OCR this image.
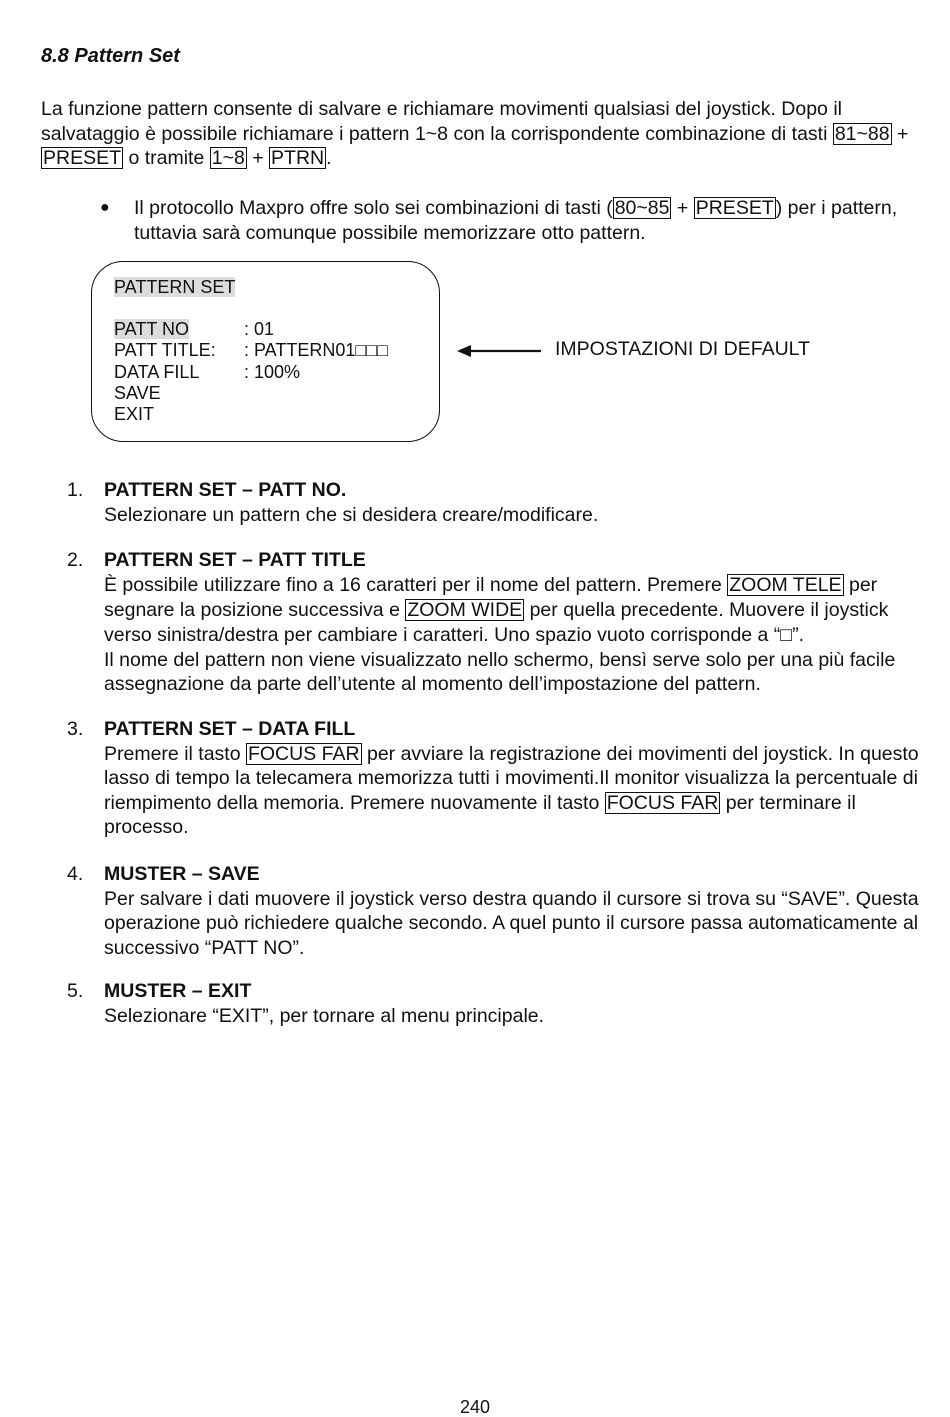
8.8 Pattern Set

La funzione pattern consente di salvare e richiamare movimenti qualsiasi del joystick. Dopo il salvataggio è possibile richiamare i pattern 1~8 con la corrispondente combinazione di tasti 81~88 + PRESET o tramite 1~8 + PTRN .

● Il protocollo Maxpro offre solo sei combinazioni di tasti ( 80~85 + PRESET ) per i pattern, tuttavia sarà comunque possibile memorizzare otto pattern.
PATTERN SET
PATT NO	: 01
PATT TITLE: : PATTERN01□□□
DATA FILL : 100%
SAVE
EXIT
IMPOSTAZIONI DI DEFAULT
1. PATTERN SET – PATT NO.
Selezionare un pattern che si desidera creare/modificare.
2. PATTERN SET – PATT TITLE
È possibile utilizzare fino a 16 caratteri per il nome del pattern. Premere ZOOM TELE per segnare la posizione successiva e ZOOM WIDE per quella precedente. Muovere il joystick verso sinistra/destra per cambiare i caratteri. Uno spazio vuoto corrisponde a “□”.
Il nome del pattern non viene visualizzato nello schermo, bensì serve solo per una più facile assegnazione da parte dell’utente al momento dell’impostazione del pattern.
3. PATTERN SET – DATA FILL
Premere il tasto FOCUS FAR per avviare la registrazione dei movimenti del joystick. In questo lasso di tempo la telecamera memorizza tutti i movimenti.Il monitor visualizza la percentuale di riempimento della memoria. Premere nuovamente il tasto FOCUS FAR per terminare il processo.
4. MUSTER – SAVE
Per salvare i dati muovere il joystick verso destra quando il cursore si trova su “SAVE”. Questa operazione può richiedere qualche secondo. A quel punto il cursore passa automaticamente al successivo “PATT NO”.
5. MUSTER – EXIT
Selezionare “EXIT”, per tornare al menu principale.
240
